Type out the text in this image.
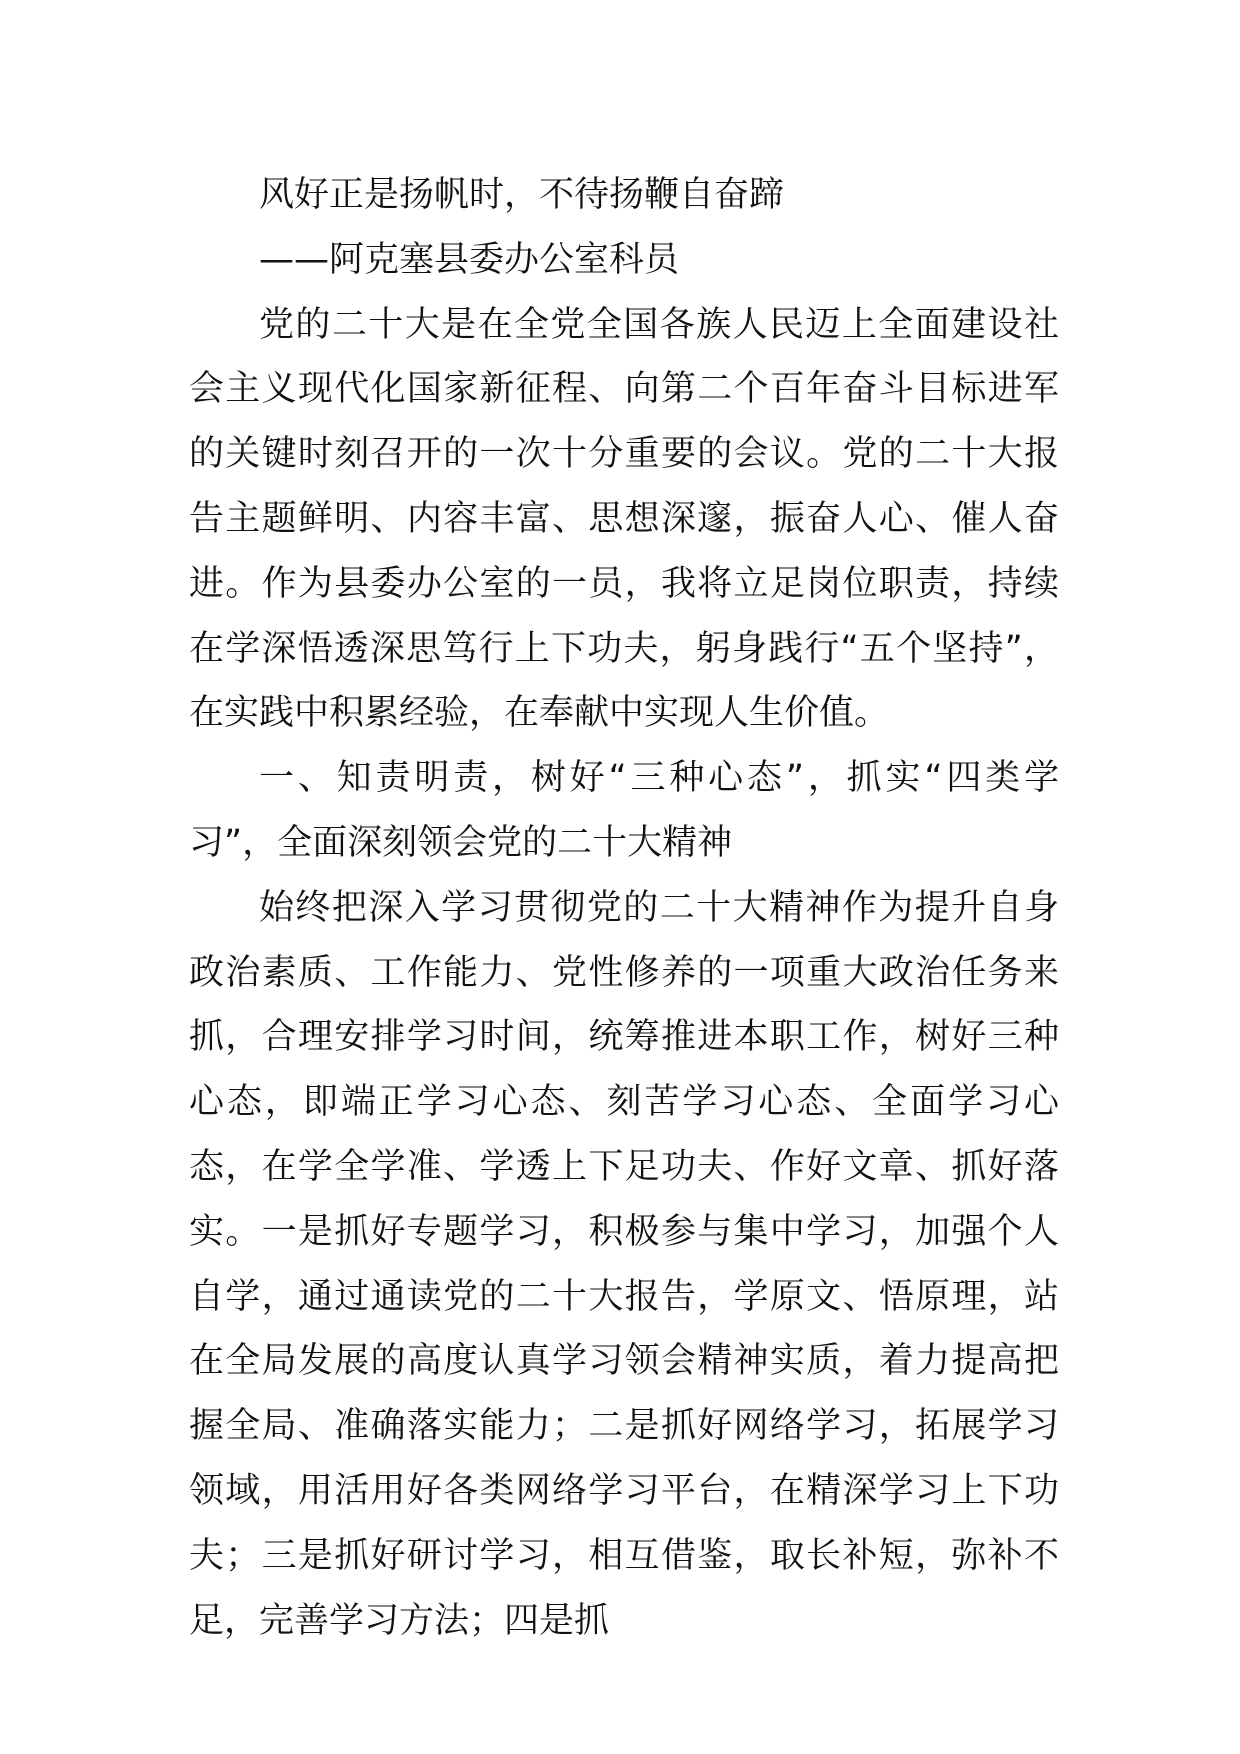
风好正是扬帆时，不待扬鞭自奋蹄

——阿克塞县委办公室科员

党的二十大是在全党全国各族人民迈上全面建设社会主义现代化国家新征程、向第二个百年奋斗目标进军的关键时刻召开的一次十分重要的会议。党的二十大报告主题鲜明、内容丰富、思想深邃，振奋人心、催人奋进。作为县委办公室的一员，我将立足岗位职责，持续在学深悟透深思笃行上下功夫，躬身践行“五个坚持”，在实践中积累经验，在奉献中实现人生价值。

一、知责明责，树好“三种心态”，抓实“四类学习”，全面深刻领会党的二十大精神

始终把深入学习贯彻党的二十大精神作为提升自身政治素质、工作能力、党性修养的一项重大政治任务来抓，合理安排学习时间，统筹推进本职工作，树好三种心态，即端正学习心态、刻苦学习心态、全面学习心态，在学全学准、学透上下足功夫、作好文章、抓好落实。一是抓好专题学习，积极参与集中学习，加强个人自学，通过通读党的二十大报告，学原文、悟原理，站在全局发展的高度认真学习领会精神实质，着力提高把握全局、准确落实能力；二是抓好网络学习，拓展学习领域，用活用好各类网络学习平台，在精深学习上下功夫；三是抓好研讨学习，相互借鉴，取长补短，弥补不足，完善学习方法；四是抓
